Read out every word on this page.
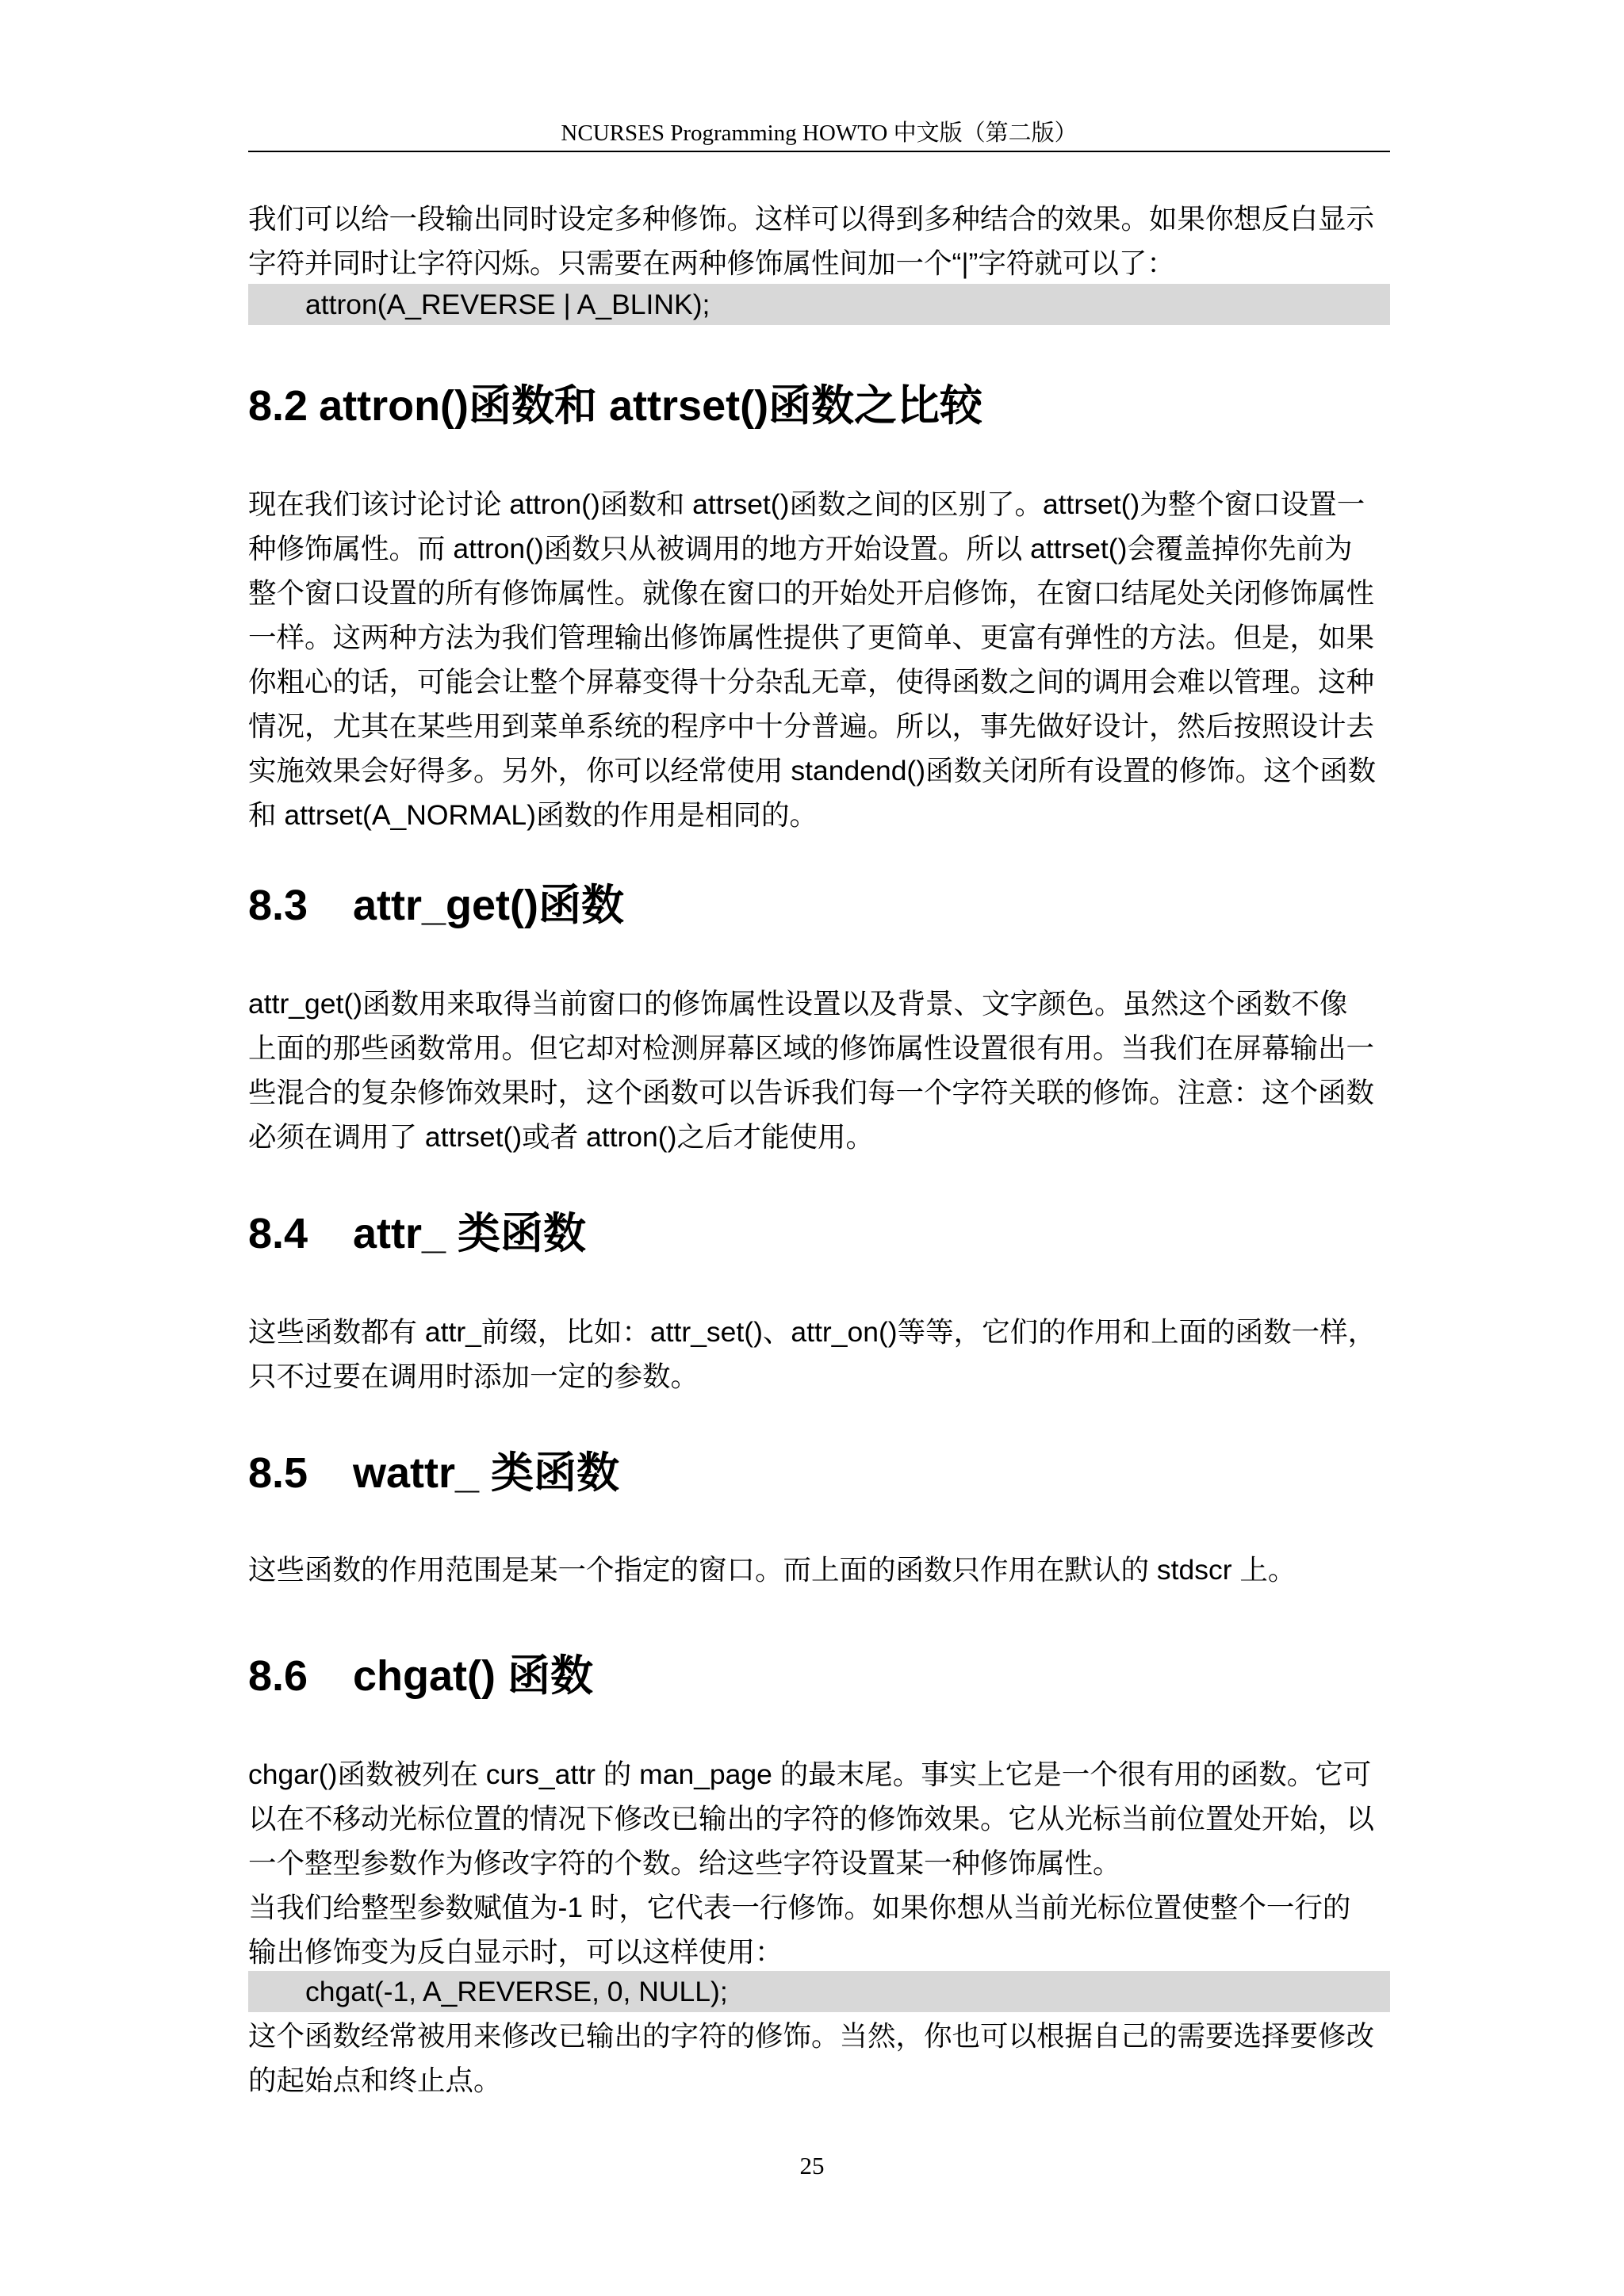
NCURSES Programming HOWTO 中文版（第二版）
我们可以给一段输出同时设定多种修饰。这样可以得到多种结合的效果。如果你想反白显示
字符并同时让字符闪烁。只需要在两种修饰属性间加一个“|”字符就可以了：
attron(A_REVERSE | A_BLINK);
8.2 attron()函数和 attrset()函数之比较
现在我们该讨论讨论 attron()函数和 attrset()函数之间的区别了。attrset()为整个窗口设置一
种修饰属性。而 attron()函数只从被调用的地方开始设置。所以 attrset()会覆盖掉你先前为
整个窗口设置的所有修饰属性。就像在窗口的开始处开启修饰，在窗口结尾处关闭修饰属性
一样。这两种方法为我们管理输出修饰属性提供了更简单、更富有弹性的方法。但是，如果
你粗心的话，可能会让整个屏幕变得十分杂乱无章，使得函数之间的调用会难以管理。这种
情况，尤其在某些用到菜单系统的程序中十分普遍。所以，事先做好设计，然后按照设计去
实施效果会好得多。另外，你可以经常使用 standend()函数关闭所有设置的修饰。这个函数
和 attrset(A_NORMAL)函数的作用是相同的。
8.3 attr_get()函数
attr_get()函数用来取得当前窗口的修饰属性设置以及背景、文字颜色。虽然这个函数不像
上面的那些函数常用。但它却对检测屏幕区域的修饰属性设置很有用。当我们在屏幕输出一
些混合的复杂修饰效果时，这个函数可以告诉我们每一个字符关联的修饰。注意：这个函数
必须在调用了 attrset()或者 attron()之后才能使用。
8.4 attr_ 类函数
这些函数都有 attr_前缀，比如：attr_set()、attr_on()等等，它们的作用和上面的函数一样，
只不过要在调用时添加一定的参数。
8.5 wattr_ 类函数
这些函数的作用范围是某一个指定的窗口。而上面的函数只作用在默认的 stdscr 上。
8.6 chgat() 函数
chgar()函数被列在 curs_attr 的 man_page 的最末尾。事实上它是一个很有用的函数。它可
以在不移动光标位置的情况下修改已输出的字符的修饰效果。它从光标当前位置处开始，以
一个整型参数作为修改字符的个数。给这些字符设置某一种修饰属性。
当我们给整型参数赋值为-1 时，它代表一行修饰。如果你想从当前光标位置使整个一行的
输出修饰变为反白显示时，可以这样使用：
chgat(-1, A_REVERSE, 0, NULL);
这个函数经常被用来修改已输出的字符的修饰。当然，你也可以根据自己的需要选择要修改
的起始点和终止点。
25
